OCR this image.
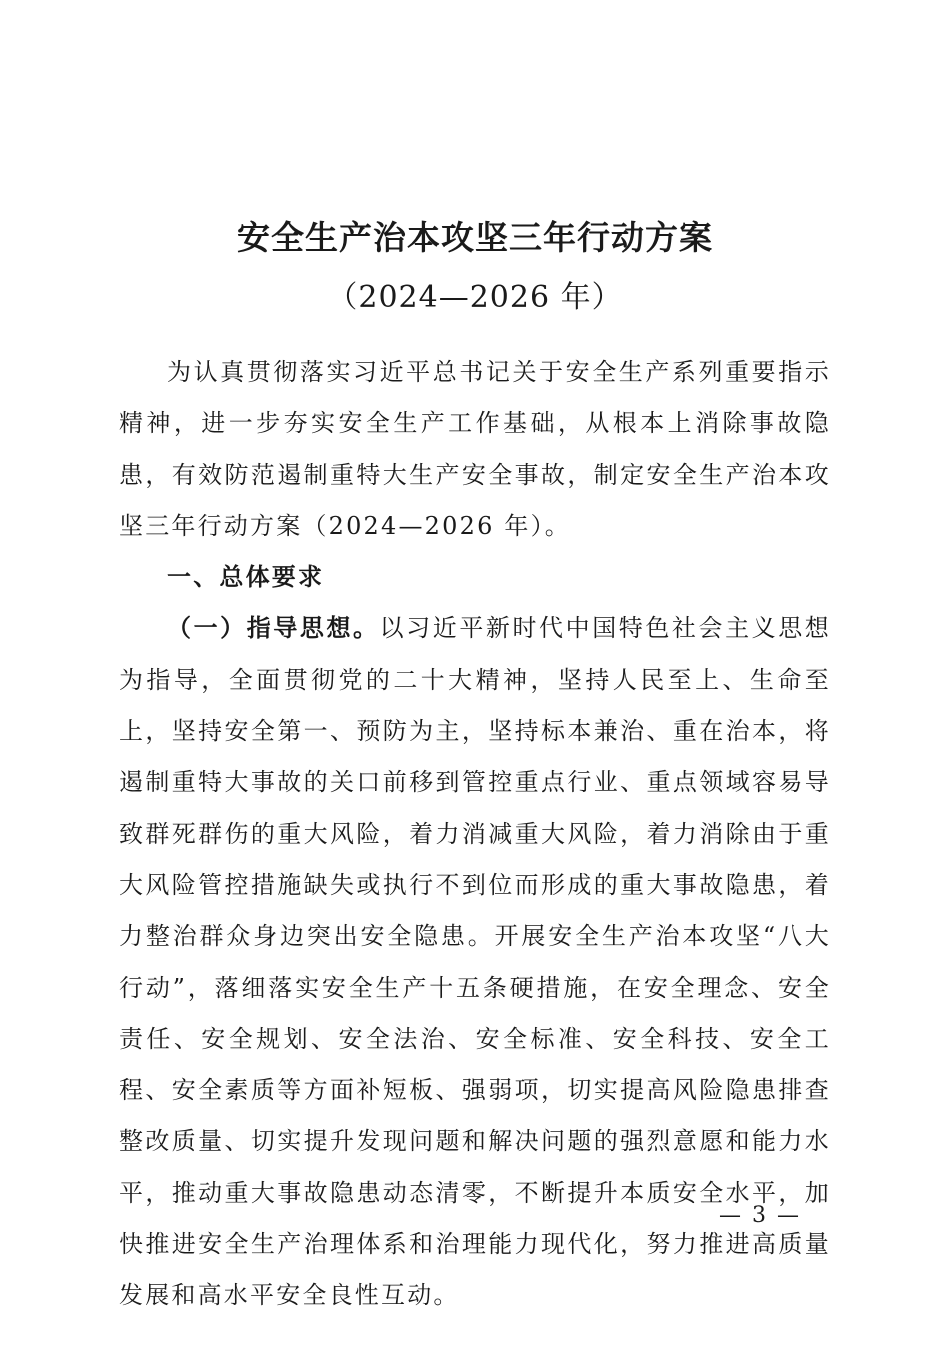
安全生产治本攻坚三年行动方案
（2024—2026 年）

为认真贯彻落实习近平总书记关于安全生产系列重要指示精神，进一步夯实安全生产工作基础，从根本上消除事故隐患，有效防范遏制重特大生产安全事故，制定安全生产治本攻坚三年行动方案（2024—2026 年）。

一、总体要求

（一）指导思想。以习近平新时代中国特色社会主义思想为指导，全面贯彻党的二十大精神，坚持人民至上、生命至上，坚持安全第一、预防为主，坚持标本兼治、重在治本，将遏制重特大事故的关口前移到管控重点行业、重点领域容易导致群死群伤的重大风险，着力消减重大风险，着力消除由于重大风险管控措施缺失或执行不到位而形成的重大事故隐患，着力整治群众身边突出安全隐患。开展安全生产治本攻坚“八大行动”，落细落实安全生产十五条硬措施，在安全理念、安全责任、安全规划、安全法治、安全标准、安全科技、安全工程、安全素质等方面补短板、强弱项，切实提高风险隐患排查整改质量、切实提升发现问题和解决问题的强烈意愿和能力水平，推动重大事故隐患动态清零，不断提升本质安全水平，加快推进安全生产治理体系和治理能力现代化，努力推进高质量发展和高水平安全良性互动。

— 3 —
